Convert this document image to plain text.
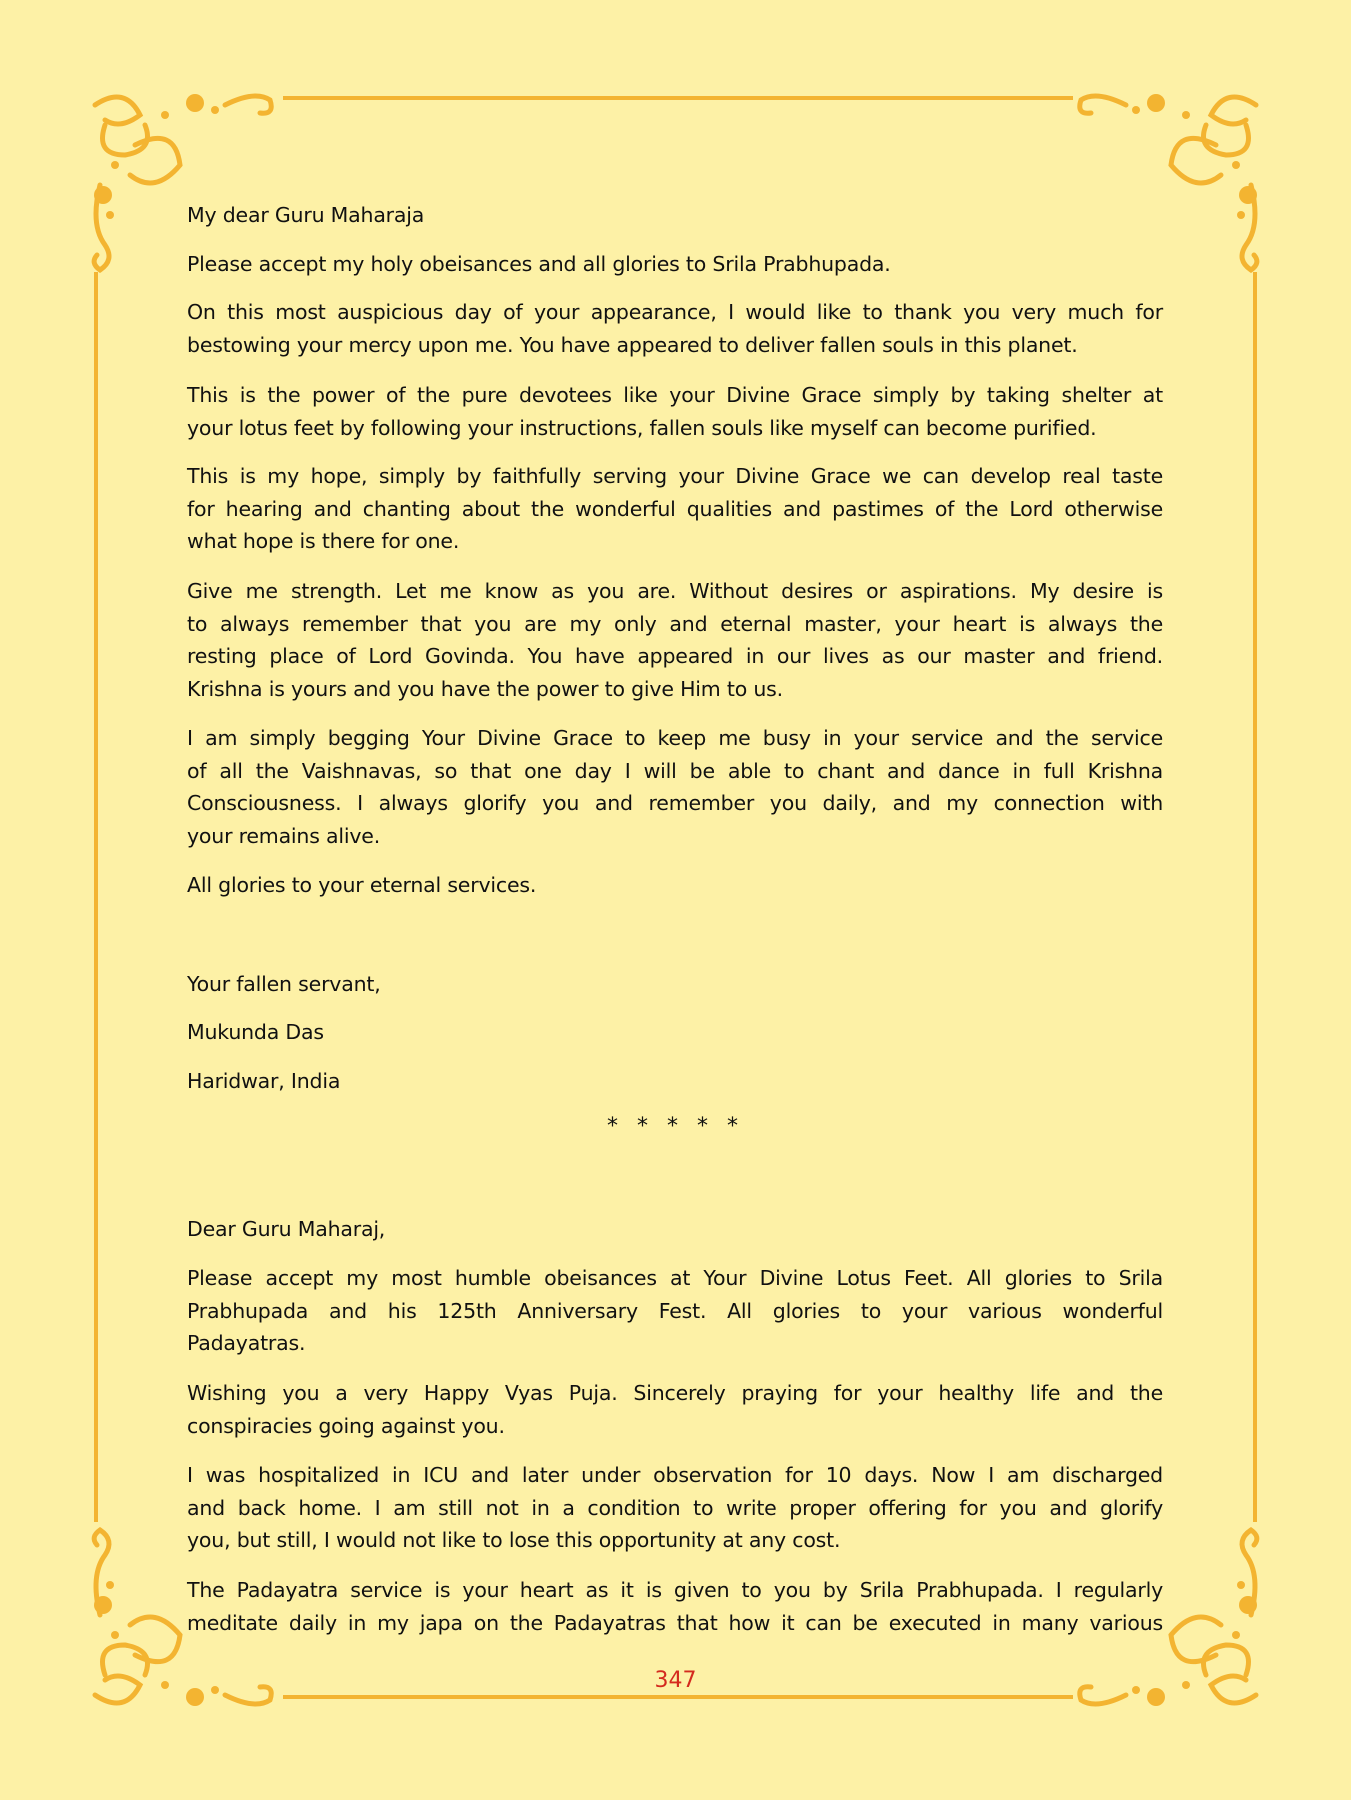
My dear Guru Maharaja
Please accept my holy obeisances and all glories to Srila Prabhupada.
On this most auspicious day of your appearance, I would like to thank you very much for
bestowing your mercy upon me. You have appeared to deliver fallen souls in this planet.
This is the power of the pure devotees like your Divine Grace simply by taking shelter at
your lotus feet by following your instructions, fallen souls like myself can become purified.
This is my hope, simply by faithfully serving your Divine Grace we can develop real taste
for hearing and chanting about the wonderful qualities and pastimes of the Lord otherwise
what hope is there for one.
Give me strength. Let me know as you are. Without desires or aspirations. My desire is
to always remember that you are my only and eternal master, your heart is always the
resting place of Lord Govinda. You have appeared in our lives as our master and friend.
Krishna is yours and you have the power to give Him to us.
I am simply begging Your Divine Grace to keep me busy in your service and the service
of all the Vaishnavas, so that one day I will be able to chant and dance in full Krishna
Consciousness. I always glorify you and remember you daily, and my connection with
your remains alive.
All glories to your eternal services.
Your fallen servant,
Mukunda Das
Haridwar, India
Dear Guru Maharaj,
Please accept my most humble obeisances at Your Divine Lotus Feet. All glories to Srila
Prabhupada and his 125th Anniversary Fest. All glories to your various wonderful
Padayatras.
Wishing you a very Happy Vyas Puja. Sincerely praying for your healthy life and the
conspiracies going against you.
I was hospitalized in ICU and later under observation for 10 days. Now I am discharged
and back home. I am still not in a condition to write proper offering for you and glorify
you, but still, I would not like to lose this opportunity at any cost.
The Padayatra service is your heart as it is given to you by Srila Prabhupada. I regularly
meditate daily in my japa on the Padayatras that how it can be executed in many various
* * * * *
347
